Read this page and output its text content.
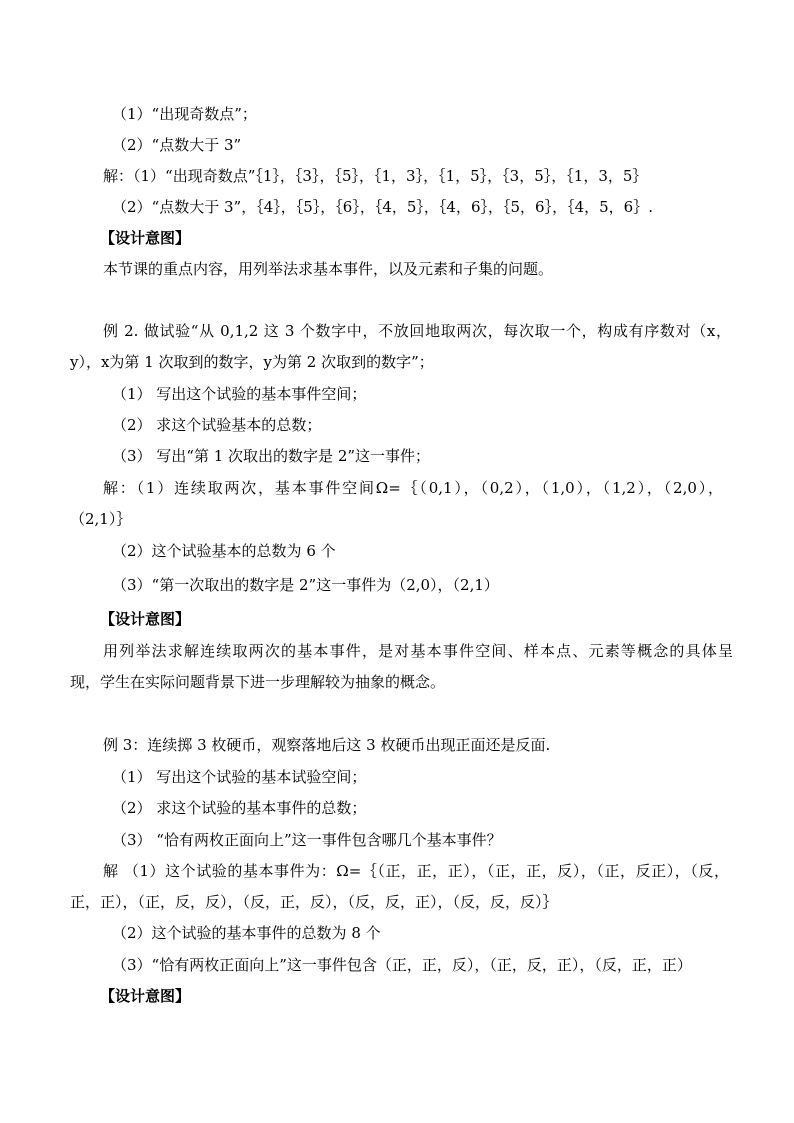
（1）“出现奇数点”；
（2）“点数大于 3”
解：（1）“出现奇数点”｛1｝，｛3｝，｛5｝，｛1，3｝，｛1，5｝，｛3，5｝，｛1，3，5｝
（2）“点数大于 3”，｛4｝，｛5｝，｛6｝，｛4，5｝，｛4，6｝，｛5，6｝，｛4，5，6｝.
【设计意图】
本节课的重点内容，用列举法求基本事件，以及元素和子集的问题。
例 2. 做试验“从 0,1,2 这 3 个数字中，不放回地取两次，每次取一个，构成有序数对（x，
y），x为第 1 次取到的数字，y为第 2 次取到的数字”；
（1） 写出这个试验的基本事件空间；
（2） 求这个试验基本的总数；
（3） 写出“第 1 次取出的数字是 2”这一事件；
解：（1）连续取两次，基本事件空间Ω=｛（0,1），（0,2），（1,0），（1,2），（2,0），
（2,1）｝
（2）这个试验基本的总数为 6 个
（3）“第一次取出的数字是 2”这一事件为（2,0），（2,1）
【设计意图】
用列举法求解连续取两次的基本事件，是对基本事件空间、样本点、元素等概念的具体呈
现，学生在实际问题背景下进一步理解较为抽象的概念。
例 3：连续掷 3 枚硬币，观察落地后这 3 枚硬币出现正面还是反面.
（1） 写出这个试验的基本试验空间；
（2） 求这个试验的基本事件的总数；
（3） “恰有两枚正面向上”这一事件包含哪几个基本事件？
解 （1）这个试验的基本事件为：Ω=｛（正，正，正），（正，正，反），（正，反正），（反，
正，正），（正，反，反），（反，正，反），（反，反，正），（反，反，反）｝
（2）这个试验的基本事件的总数为 8 个
（3）“恰有两枚正面向上”这一事件包含（正，正，反），（正，反，正），（反，正，正）
【设计意图】
